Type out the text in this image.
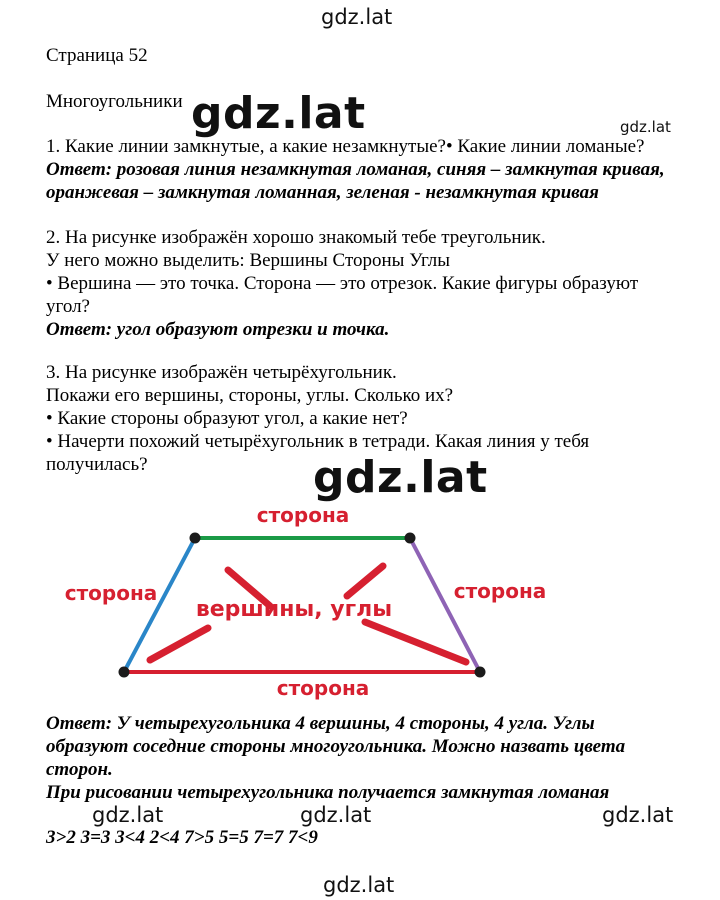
gdz.lat
gdz.lat	gdz.lat
gdz.lat
Страница 52
Многоугольники
1. Какие линии замкнутые, а какие незамкнутые?• Какие линии ломаные?
Ответ: розовая линия незамкнутая ломаная, синяя – замкнутая кривая,
оранжевая – замкнутая ломанная, зеленая - незамкнутая кривая
2. На рисунке изображён хорошо знакомый тебе треугольник.
У него можно выделить: Вершины Стороны Углы
• Вершина — это точка. Сторона — это отрезок. Какие фигуры образуют
угол?
Ответ: угол образуют отрезки и точка.
3. На рисунке изображён четырёхугольник.
Покажи его вершины, стороны, углы. Сколько их?
• Какие стороны образуют угол, а какие нет?
• Начерти похожий четырёхугольник в тетради. Какая линия у тебя
получилась?
сторона
сторона	сторона
сторона
вершины, углы
Ответ: У четырехугольника 4 вершины, 4 стороны, 4 угла. Углы
образуют соседние стороны многоугольника. Можно назвать цвета
сторон.
При рисовании четырехугольника получается замкнутая ломаная
gdz.lat	gdz.lat	gdz.lat
3>2 3=3 3<4 2<4 7>5 5=5 7=7 7<9
gdz.lat
